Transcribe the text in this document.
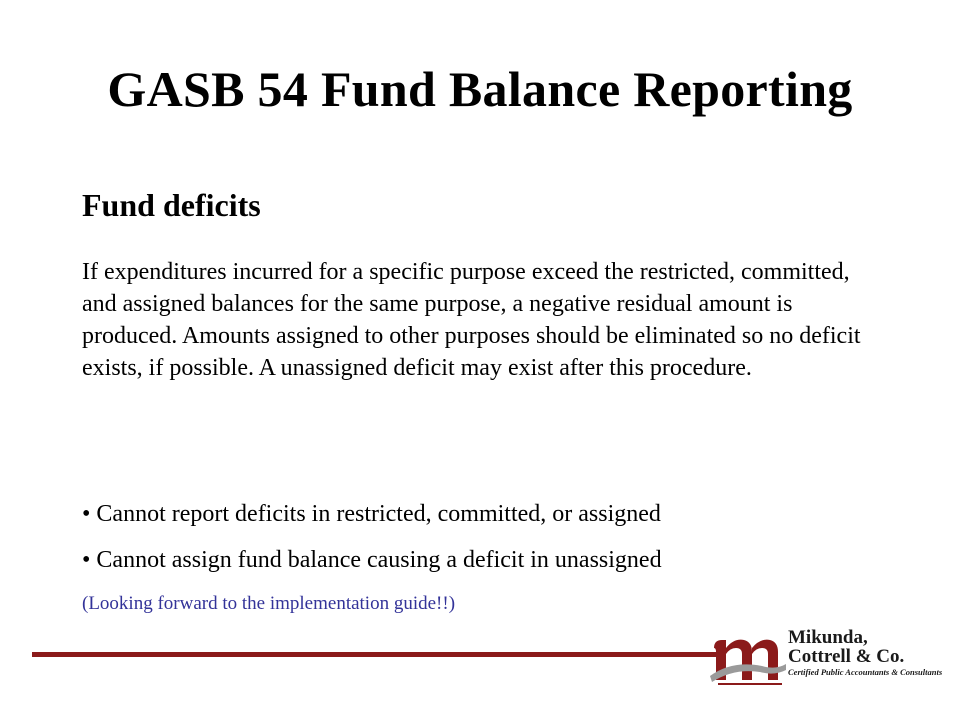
GASB 54 Fund Balance Reporting
Fund deficits

If expenditures incurred for a specific purpose exceed the restricted, committed, and assigned balances for the same purpose, a negative residual amount is produced. Amounts assigned to other purposes should be eliminated so no deficit exists, if possible. A unassigned deficit may exist after this procedure.

• Cannot report deficits in restricted, committed, or assigned

• Cannot assign fund balance causing a deficit in unassigned

(Looking forward to the implementation guide!!)

Mikunda,
Cottrell & Co.
Certified Public Accountants & Consultants
